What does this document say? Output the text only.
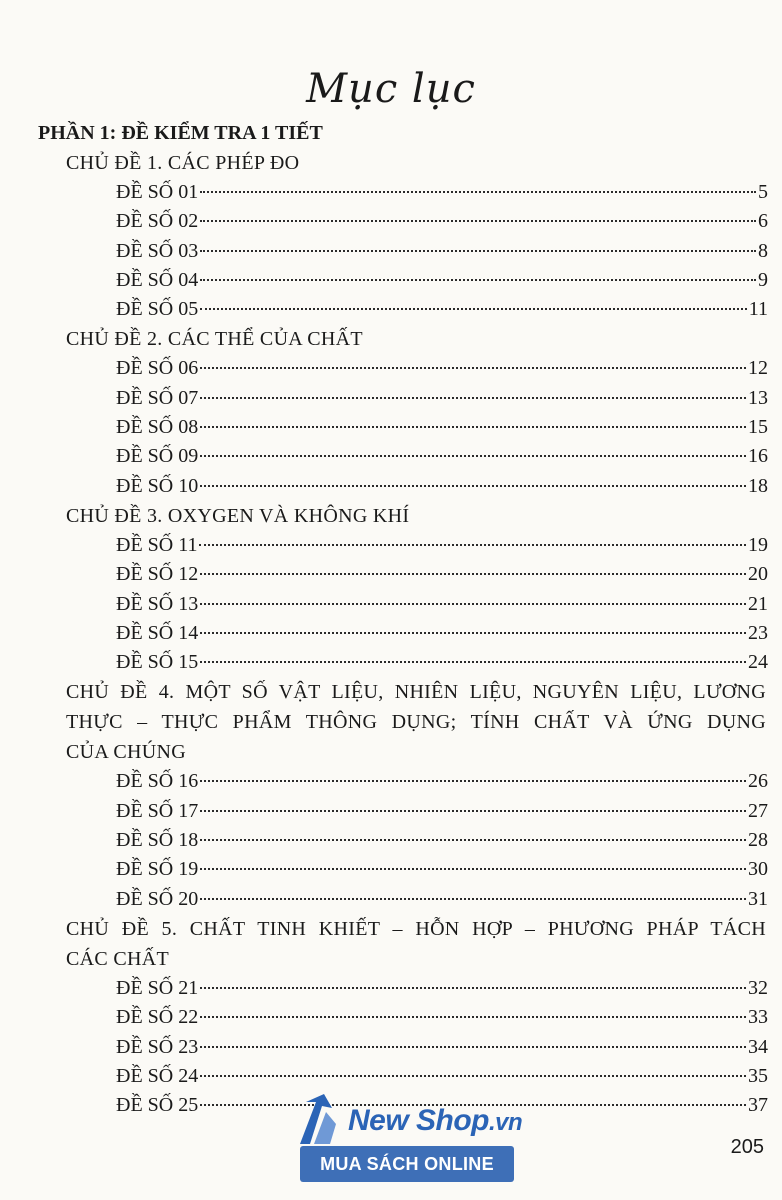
Mục lục
PHẦN 1: ĐỀ KIỂM TRA 1 TIẾT
CHỦ ĐỀ 1. CÁC PHÉP ĐO
ĐỀ SỐ 01	5
ĐỀ SỐ 02	6
ĐỀ SỐ 03	8
ĐỀ SỐ 04	9
ĐỀ SỐ 05	11
CHỦ ĐỀ 2. CÁC THỂ CỦA CHẤT
ĐỀ SỐ 06	12
ĐỀ SỐ 07	13
ĐỀ SỐ 08	15
ĐỀ SỐ 09	16
ĐỀ SỐ 10	18
CHỦ ĐỀ 3. OXYGEN VÀ KHÔNG KHÍ
ĐỀ SỐ 11	19
ĐỀ SỐ 12	20
ĐỀ SỐ 13	21
ĐỀ SỐ 14	23
ĐỀ SỐ 15	24
CHỦ ĐỀ 4. MỘT SỐ VẬT LIỆU, NHIÊN LIỆU, NGUYÊN LIỆU, LƯƠNG
THỰC – THỰC PHẨM THÔNG DỤNG; TÍNH CHẤT VÀ ỨNG DỤNG
CỦA CHÚNG
ĐỀ SỐ 16	26
ĐỀ SỐ 17	27
ĐỀ SỐ 18	28
ĐỀ SỐ 19	30
ĐỀ SỐ 20	31
CHỦ ĐỀ 5. CHẤT TINH KHIẾT – HỖN HỢP – PHƯƠNG PHÁP TÁCH
CÁC CHẤT
ĐỀ SỐ 21	32
ĐỀ SỐ 22	33
ĐỀ SỐ 23	34
ĐỀ SỐ 24	35
ĐỀ SỐ 25	37
New Shop.vn
MUA SÁCH ONLINE
205
